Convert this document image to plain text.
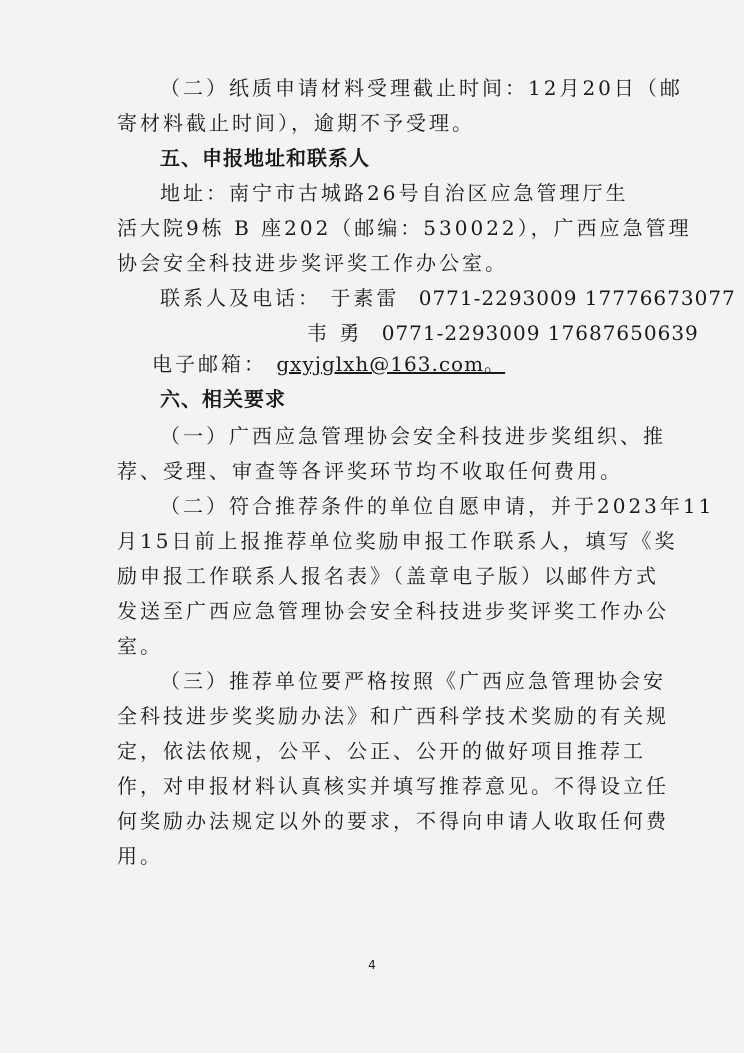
（二）纸质申请材料受理截止时间：12月20日（邮
寄材料截止时间），逾期不予受理。
五、申报地址和联系人
地址：南宁市古城路26号自治区应急管理厅生
活大院9栋 B 座202（邮编：530022），广西应急管理
协会安全科技进步奖评奖工作办公室。
联系人及电话： 于素雷 0771-2293009 17776673077
韦 勇 0771-2293009 17687650639
电子邮箱： gxyjglxh@163.com。
六、相关要求
（一）广西应急管理协会安全科技进步奖组织、推
荐、受理、审查等各评奖环节均不收取任何费用。
（二）符合推荐条件的单位自愿申请，并于2023年11
月15日前上报推荐单位奖励申报工作联系人，填写《奖
励申报工作联系人报名表》（盖章电子版）以邮件方式
发送至广西应急管理协会安全科技进步奖评奖工作办公
室。
（三）推荐单位要严格按照《广西应急管理协会安
全科技进步奖奖励办法》和广西科学技术奖励的有关规
定，依法依规，公平、公正、公开的做好项目推荐工
作，对申报材料认真核实并填写推荐意见。不得设立任
何奖励办法规定以外的要求，不得向申请人收取任何费
用。
4
